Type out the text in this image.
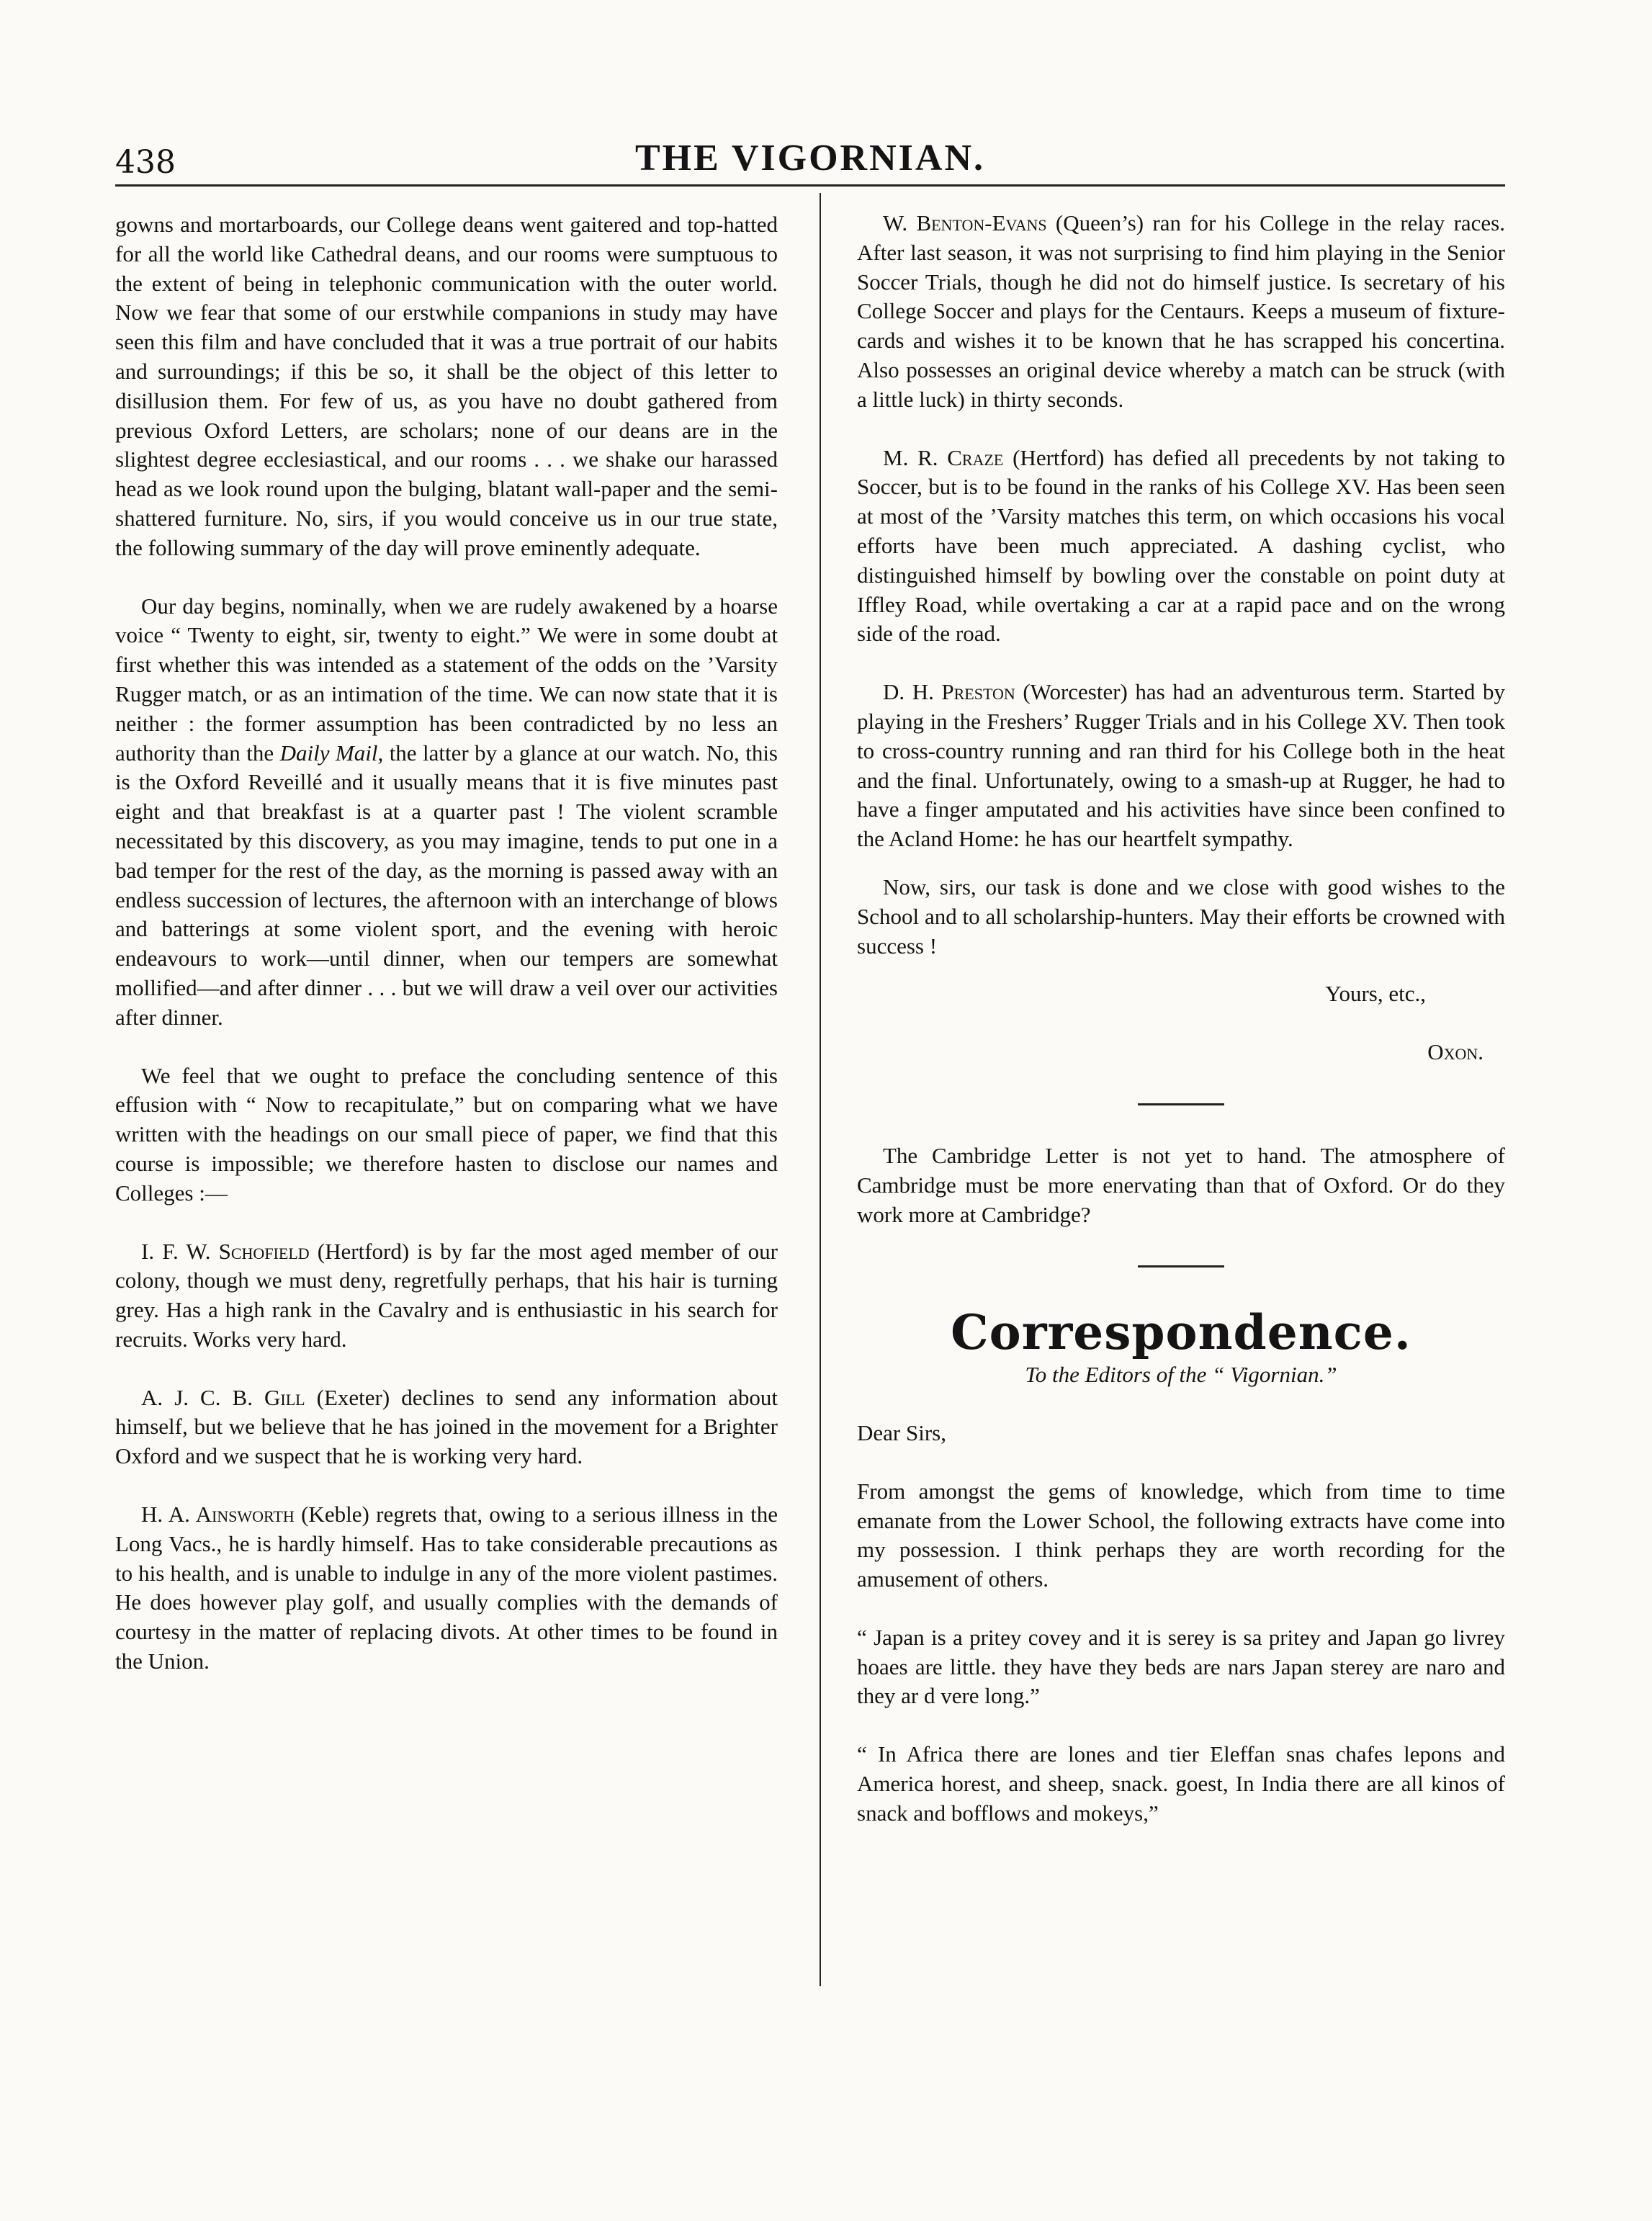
438	THE VIGORNIAN.

gowns and mortarboards, our College deans went gaitered and top-hatted for all the world like Cathedral deans, and our rooms were sumptuous to the extent of being in telephonic communication with the outer world. Now we fear that some of our erstwhile companions in study may have seen this film and have concluded that it was a true portrait of our habits and surroundings; if this be so, it shall be the object of this letter to disillusion them. For few of us, as you have no doubt gathered from previous Oxford Letters, are scholars; none of our deans are in the slightest degree ecclesiastical, and our rooms . . . we shake our harassed head as we look round upon the bulging, blatant wall-paper and the semi-shattered furniture. No, sirs, if you would conceive us in our true state, the following summary of the day will prove eminently adequate.

Our day begins, nominally, when we are rudely awakened by a hoarse voice “ Twenty to eight, sir, twenty to eight.” We were in some doubt at first whether this was intended as a statement of the odds on the ’Varsity Rugger match, or as an intimation of the time. We can now state that it is neither : the former assumption has been contradicted by no less an authority than the Daily Mail, the latter by a glance at our watch. No, this is the Oxford Reveillé and it usually means that it is five minutes past eight and that breakfast is at a quarter past ! The violent scramble necessitated by this discovery, as you may imagine, tends to put one in a bad temper for the rest of the day, as the morning is passed away with an endless succession of lectures, the afternoon with an interchange of blows and batterings at some violent sport, and the evening with heroic endeavours to work—until dinner, when our tempers are somewhat mollified—and after dinner . . . but we will draw a veil over our activities after dinner.

We feel that we ought to preface the concluding sentence of this effusion with “ Now to recapitulate,” but on comparing what we have written with the headings on our small piece of paper, we find that this course is impossible; we therefore hasten to disclose our names and Colleges :—

I. F. W. Schofield (Hertford) is by far the most aged member of our colony, though we must deny, regretfully perhaps, that his hair is turning grey. Has a high rank in the Cavalry and is enthusiastic in his search for recruits. Works very hard.

A. J. C. B. Gill (Exeter) declines to send any information about himself, but we believe that he has joined in the movement for a Brighter Oxford and we suspect that he is working very hard.

H. A. Ainsworth (Keble) regrets that, owing to a serious illness in the Long Vacs., he is hardly himself. Has to take considerable precautions as to his health, and is unable to indulge in any of the more violent pastimes. He does however play golf, and usually complies with the demands of courtesy in the matter of replacing divots. At other times to be found in the Union.

W. Benton-Evans (Queen’s) ran for his College in the relay races. After last season, it was not surprising to find him playing in the Senior Soccer Trials, though he did not do himself justice. Is secretary of his College Soccer and plays for the Centaurs. Keeps a museum of fixture-cards and wishes it to be known that he has scrapped his concertina. Also possesses an original device whereby a match can be struck (with a little luck) in thirty seconds.

M. R. Craze (Hertford) has defied all precedents by not taking to Soccer, but is to be found in the ranks of his College XV. Has been seen at most of the ’Varsity matches this term, on which occasions his vocal efforts have been much appreciated. A dashing cyclist, who distinguished himself by bowling over the constable on point duty at Iffley Road, while overtaking a car at a rapid pace and on the wrong side of the road.

D. H. Preston (Worcester) has had an adventurous term. Started by playing in the Freshers’ Rugger Trials and in his College XV. Then took to cross-country running and ran third for his College both in the heat and the final. Unfortunately, owing to a smash-up at Rugger, he had to have a finger amputated and his activities have since been confined to the Acland Home: he has our heartfelt sympathy.

Now, sirs, our task is done and we close with good wishes to the School and to all scholarship-hunters. May their efforts be crowned with success !

Yours, etc.,

Oxon.

The Cambridge Letter is not yet to hand. The atmosphere of Cambridge must be more enervating than that of Oxford. Or do they work more at Cambridge?

Correspondence.

To the Editors of the “ Vigornian.”

Dear Sirs,

From amongst the gems of knowledge, which from time to time emanate from the Lower School, the following extracts have come into my possession. I think perhaps they are worth recording for the amusement of others.

“ Japan is a pritey covey and it is serey is sa pritey and Japan go livrey hoaes are little. they have they beds are nars Japan sterey are naro and they ar d vere long.”

“ In Africa there are lones and tier Eleffan snas chafes lepons and America horest, and sheep, snack. goest, In India there are all kinos of snack and bofflows and mokeys,”
